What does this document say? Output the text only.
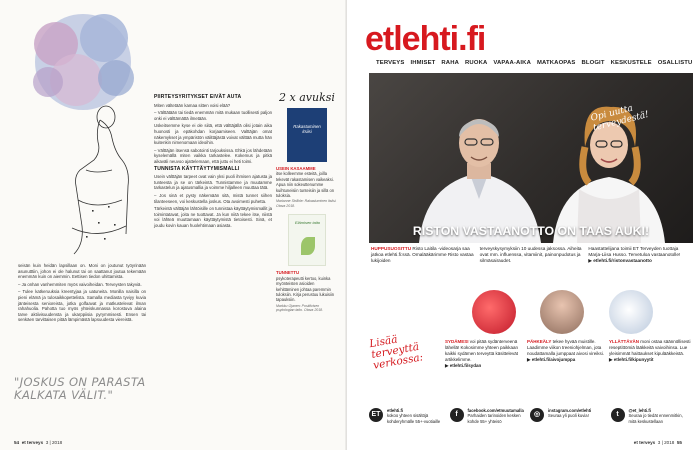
seisän kuin heidän lapsillaan on. Moni on joutunut työyrinään asunutttiin, johon ei ole halunut tai on saattanut joutua tekemään enemmän kuin on aiemmin. Eettisen tiedon uhittamista.

– Ja onhan vanhemmiten myös vaivoiheidan. Terveysten takyviä.

– Tulee katkeruuksia kreentyjaa ja uatuneita. Monilla naisilla on pieni elämä ja tulosaikkopettelista. Samalla mediasta tyviyy kuvia jänteisesta senioreista, jotka golfaavat ja matkustelevat ilman rahahuolia. Pahotta tuo myös yhteiskunnassa korostuva alaina tarve aktiivisuudensta ja ukarppiisia pyrymmisesti. Ensen tai senkäen tarvittaisen pitää lämpimästä lapsuudesta viereistä.

"JOSKUS ON PARASTA KALKATA VÄLIT."
PIIRTEYSYRITYKSET EIVÄT AUTA

Miten vältetään kamaa sitten voisi elää?

– Välttätään tai tiedä enemmän mitä mukaan tuollisesti paljon onki ei välttämättä ilmetään.

Uskeitsemme kyse ei ole siitä, että välttäjällä olisi jotain aika huonosti ja epäkohdan korjaamiseen. Valttäjän omat näkemykset ja ympäristön välittäjästä voivat välttää mutta hän kuitenkin nimenomaan ideoihin.

– Välttäjän itsensä sabotointi tarjouksissa. Ehkä jos lähdetään kyselemällä miten vaikka tarkastelee. Kokemus ja pitkä aikaväli neuvoo ajattelemaan, että juttu ei heti toimi.

TUNNISTA KÄYTTÄYTYMISMALLI

Usein välttäjän tarpeet ovat vain yksi puoli ihmisen ajatusta ja tunteesta ja se on tärkeintä. Tunnistamme ja muutamme tarkastelun ja ajatusmallia ja voimme hiljalleen muuttaa tätä.

– Jos sinä et pysty näkemään sitä, mistä tunnet siihen tilanteeseen, voi keskustella joskus. Ota avoimesti puhetta.

Tärkeintä välttäjän lähtöisille on tunnistaa käyttäytymismallit ja toimintatavat, joita ne tuottavat. Ja kun niitä tekee itse, niistä voi lähteä muuttamaan käyttäytymistä tietoisesti. Sinä, et joudu kovin kauan huolehtimaan asiasta.

2 x avuksi
Rakastuminen itsiisi
USEIN KASAAMME
itse kolleemme esteitä, joilla tekevät rakastamisen vaikeaksi. Apua niin sokeuttenumme kuihtuneisiin tunteisiin ja sillä on tuloksia.
Marianne Stråhle: Rakastuminen itsiisi. Otava 2018.
Elämisen taito
TUNNETTU
psykoterapeutti kertoo, kuinka myönteisten asioiden kehittäminen johtaa paremmin tuloksiin. Kirja perustuu lukuisiin tapauksiin.
Markku Ojanen: Positiivisen psykologian taito. Otava 2018.
54 et terveys 3 | 2018
etlehti.fi
TERVEYS IHMISET RAHA RUOKA VAPAA-AIKA MATKAOPAS BLOGIT KESKUSTELE OSALLISTU
Opi uutta terveydestä!
RISTON VASTAANOTTO ON TAAS AUKI!
HUPPUSUOSITTU Risto Laitila -videosarja saa jatkoa etlehti.fi:ssä. Omalääkärimme Risto vastaa lukijoiden
terveyskysymyksiin 10 uudessa jaksossa. Aiheita ovat mm. influenssa, vitamiinit, painonpudotus ja silmäsairaudet.
Haastattelijana toimii ET Terveyden tuottaja Marja-Liisa Husso. Tervetuloa vastaanotolle!
▶ etlehti.fi/ristonvastaanotto
Lisää terveyttä verkossa:
SYDÄMESI voi pitää sydänterveenä lähellä! Kokosimme yhteen paikkaan kaikki sydämen terveyttä käsittelevät artikkelimme.
▶ etlehti.fi/sydan
PÄHKEÄLY tekee hyvää muistille. Laadimme viikon treeniohjelman, jota noudattamalla jumppaat aivosi vireiksi.
▶ etlehti.fi/aivojumppa
YLLÄTTÄVÄN moni ostaa säännöllisesti reseptittömiä lääkkeitä vaivoihinsa. Lue yleisimmät haittaukset kipulääkkeistä.
▶ etlehti.fi/kipunyytit
ET
etlehti.fi
kokoo yhteen sisältöjä kohderyhmälle 55+-vuotiaille
f
facebook.com/etmuutamalla
Parhaiden tarinoiden kesken kohde 55+ yhteisö
◎
instagram.com/etlehti
Seuraa yli puoli kuvia!	t
@et_lehti.fi
Seuraa jo tiedät ennenmitkin, mitä keskustellaan
et terveys 3 | 2018 55
